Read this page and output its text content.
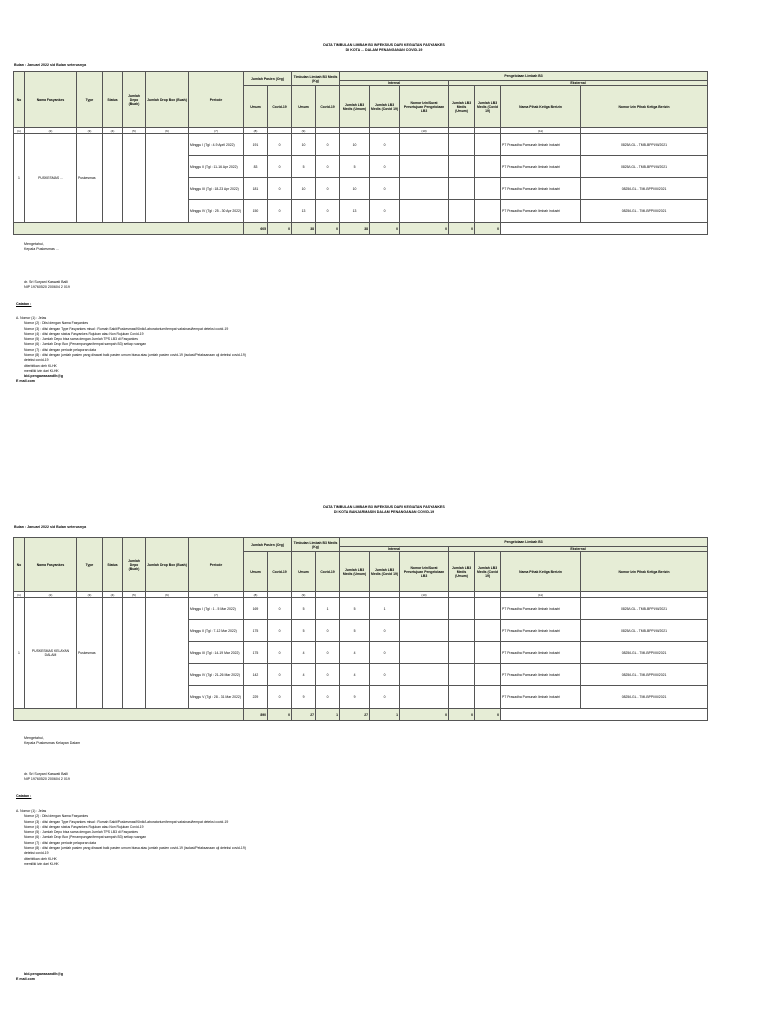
DATA TIMBULAN LIMBAH B3 INFEKSIUS DARI KEGIATAN FASYANKES
DI KOTA ... DALAM PENANGANAN COVID-19
Bulan : Januari 2022 s/d Bulan seterusnya
No	Nama Fasyankes	Type	Status	Jumlah Depo (Buah)	Jumlah Drop Box (Buah)	Periode	Jumlah Pasien (Org)		Timbulan Limbah B3 Medis (Kg)		Pengelolaan Limbah B3						
											Internal			Eksternal			
							Umum	Covid-19	Umum	Covid-19	Jumlah LB3 Medis (Umum)	Jumlah LB3 Medis (Covid 19)	Nomor Izin/Surat Persetujuan Pengelolaan LB3	Jumlah LB3 Medis (Umum)	Jumlah LB3 Medis (Covid 19)	Nama Pihak Ketiga Berizin	Nomor Izin Pihak Ketiga Berizin
(1)	(2)	(3)	(4)	(5)	(6)	(7)	(8)		(9)				(10)			(11)	
1	PUSKESMAS ...	Puskesmas				Minggu I (Tgl : 4-9 April 2022)	191	0	10	0	10	0				PT Prasadha Pamunah limbah industri	0825/LGL - TMB-BPPI/III/2021
						Minggu II (Tgl : 11-16 Apr 2022)	83	0	5	0	5	0				PT Prasadha Pamunah limbah industri	0825/LGL - TMB-BPPI/III/2021
						Minggu III (Tgl : 18-23 Apr 2022)	181	0	10	0	10	0				PT Prasadha Pamunah limbah industri	0825/LGL - TMI-BPPI/III/2021
						Minggu IV (Tgl : 25 - 30 Apr 2022)	150	0	13	0	13	0				PT Prasadha Pamunah limbah industri	0825/LGL - TMI-BPPI/III/2021
							605	0	38	0	38	0	0	0	0		
Mengetahui,
Kepala Puskesmas ...
dr. Sri Suryani Kaswati Balli
NIP 19760520 200604 2 019
Catatan :
A. Nomor (1) : Jelas
Nomor (2) : Diisi dengan Nama Fasyankes
Nomor (3) : diisi dengan Type Fasyankes misal : Rumah Sakit/Puskesmas/Klinik/Laboratorium/tempat vaksinasi/tempat deteksi covid-19
Nomor (4) : diisi dengan status Fasyankes Rujukan atau Non Rujukan Covid-19
Nomor (5) : Jumlah Depo bisa sama dengan Jumlah TPS LB3 di Fasyankes
Nomor (6) : Jumlah Drop Box (Penampungan/tempat sampah B3) setiap ruangan
Nomor (7) : diisi dengan periode pelaporan data
Nomor (8) : diisi dengan jumlah pasien yang dirawat baik pasien umum biasa atau jumlah pasien covid-19 (isolasi/Pelaksanaan uji deteksi covid-19)
deteksi covid-19
diterbitkan oleh KLHK
memiliki izin dari KLHK
bid.pengawasandlh@g
E mail.com
DATA TIMBULAN LIMBAH B3 INFEKSIUS DARI KEGIATAN FASYANKES
DI KOTA BANJARMASIN DALAM PENANGANAN COVID-19
Bulan : Januari 2022 s/d Bulan seterusnya
No	Nama Fasyankes	Type	Status	Jumlah Depo (Buah)	Jumlah Drop Box (Buah)	Periode	Jumlah Pasien (Org)		Timbulan Limbah B3 Medis (Kg)		Pengelolaan Limbah B3						
											Internal			Eksternal			
							Umum	Covid-19	Umum	Covid-19	Jumlah LB3 Medis (Umum)	Jumlah LB3 Medis (Covid 19)	Nomor Izin/Surat Persetujuan Pengelolaan LB3	Jumlah LB3 Medis (Umum)	Jumlah LB3 Medis (Covid 19)	Nama Pihak Ketiga Berizin	Nomor Izin Pihak Ketiga Berizin
(1)	(2)	(3)	(4)	(5)	(6)	(7)	(8)		(9)				(10)			(11)	
1	PUSKESMAS KELAYAN DALAM	Puskesmas				Minggu I (Tgl : 1 - 5 Mar 2022)	169	0	5	1	5	1				PT Prasadha Pamunah limbah industri	0825/LGL - TMB-BPPI/III/2021
						Minggu II (Tgl : 7-12 Mar 2022)	175	0	5	0	5	0				PT Prasadha Pamunah limbah industri	0825/LGL - TMB-BPPI/III/2021
						Minggu III (Tgl : 14-19 Mar 2022)	175	0	4	0	4	0				PT Prasadha Pamunah limbah industri	0825/LGL - TMI-BPPI/III/2021
						Minggu IV (Tgl : 21-26 Mar 2022)	142	0	4	0	4	0				PT Prasadha Pamunah limbah industri	0825/LGL - TMI-BPPI/III/2021
						Minggu V (Tgl : 28 - 31 Mar 2022)	229	0	9	0	9	0				PT Prasadha Pamunah limbah industri	0825/LGL - TMI-BPPI/III/2021
							890	0	27	1	27	1	0	0	0		
Mengetahui,
Kepala Puskesmas Kelayan Dalam
dr. Sri Suryani Kaswati Balli
NIP 19760520 200604 2 019
Catatan :
A. Nomor (1) : Jelas
Nomor (2) : Diisi dengan Nama Fasyankes
Nomor (3) : diisi dengan Type Fasyankes misal : Rumah Sakit/Puskesmas/Klinik/Laboratorium/tempat vaksinasi/tempat deteksi covid-19
Nomor (4) : diisi dengan status Fasyankes Rujukan atau Non Rujukan Covid-19
Nomor (5) : Jumlah Depo bisa sama dengan Jumlah TPS LB3 di Fasyankes
Nomor (6) : Jumlah Drop Box (Penampungan/tempat sampah B3) setiap ruangan
Nomor (7) : diisi dengan periode pelaporan data
Nomor (8) : diisi dengan jumlah pasien yang dirawat baik pasien umum biasa atau jumlah pasien covid-19 (isolasi/Pelaksanaan uji deteksi covid-19)
deteksi covid-19
diterbitkan oleh KLHK
memiliki izin dari KLHK
bid.pengawasandlh@g
E mail.com
